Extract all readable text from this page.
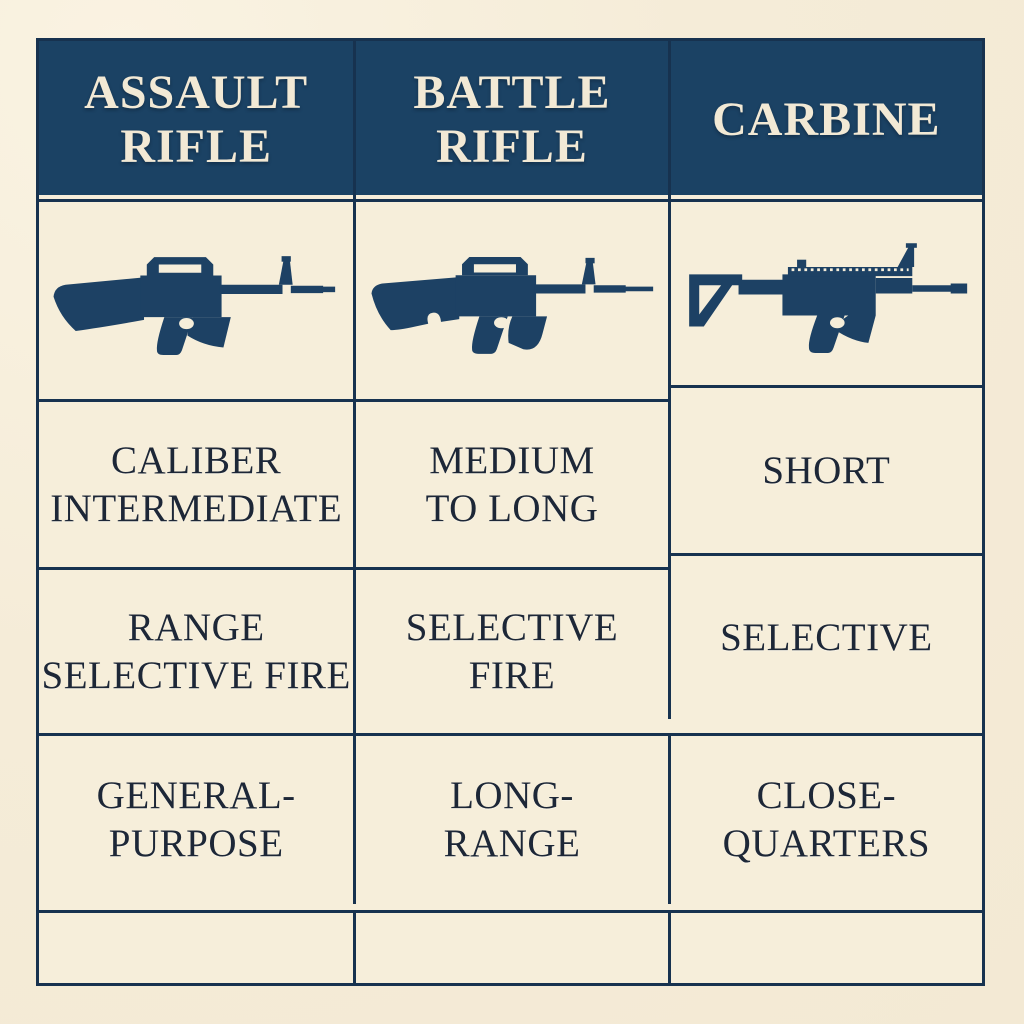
ASSAULT
RIFLE
BATTLE
RIFLE
CARBINE
CALIBER
INTERMEDIATE
MEDIUM
TO LONG
SHORT
RANGE
SELECTIVE FIRE
SELECTIVE
FIRE
SELECTIVE
GENERAL-
PURPOSE
LONG-
RANGE
CLOSE-
QUARTERS
